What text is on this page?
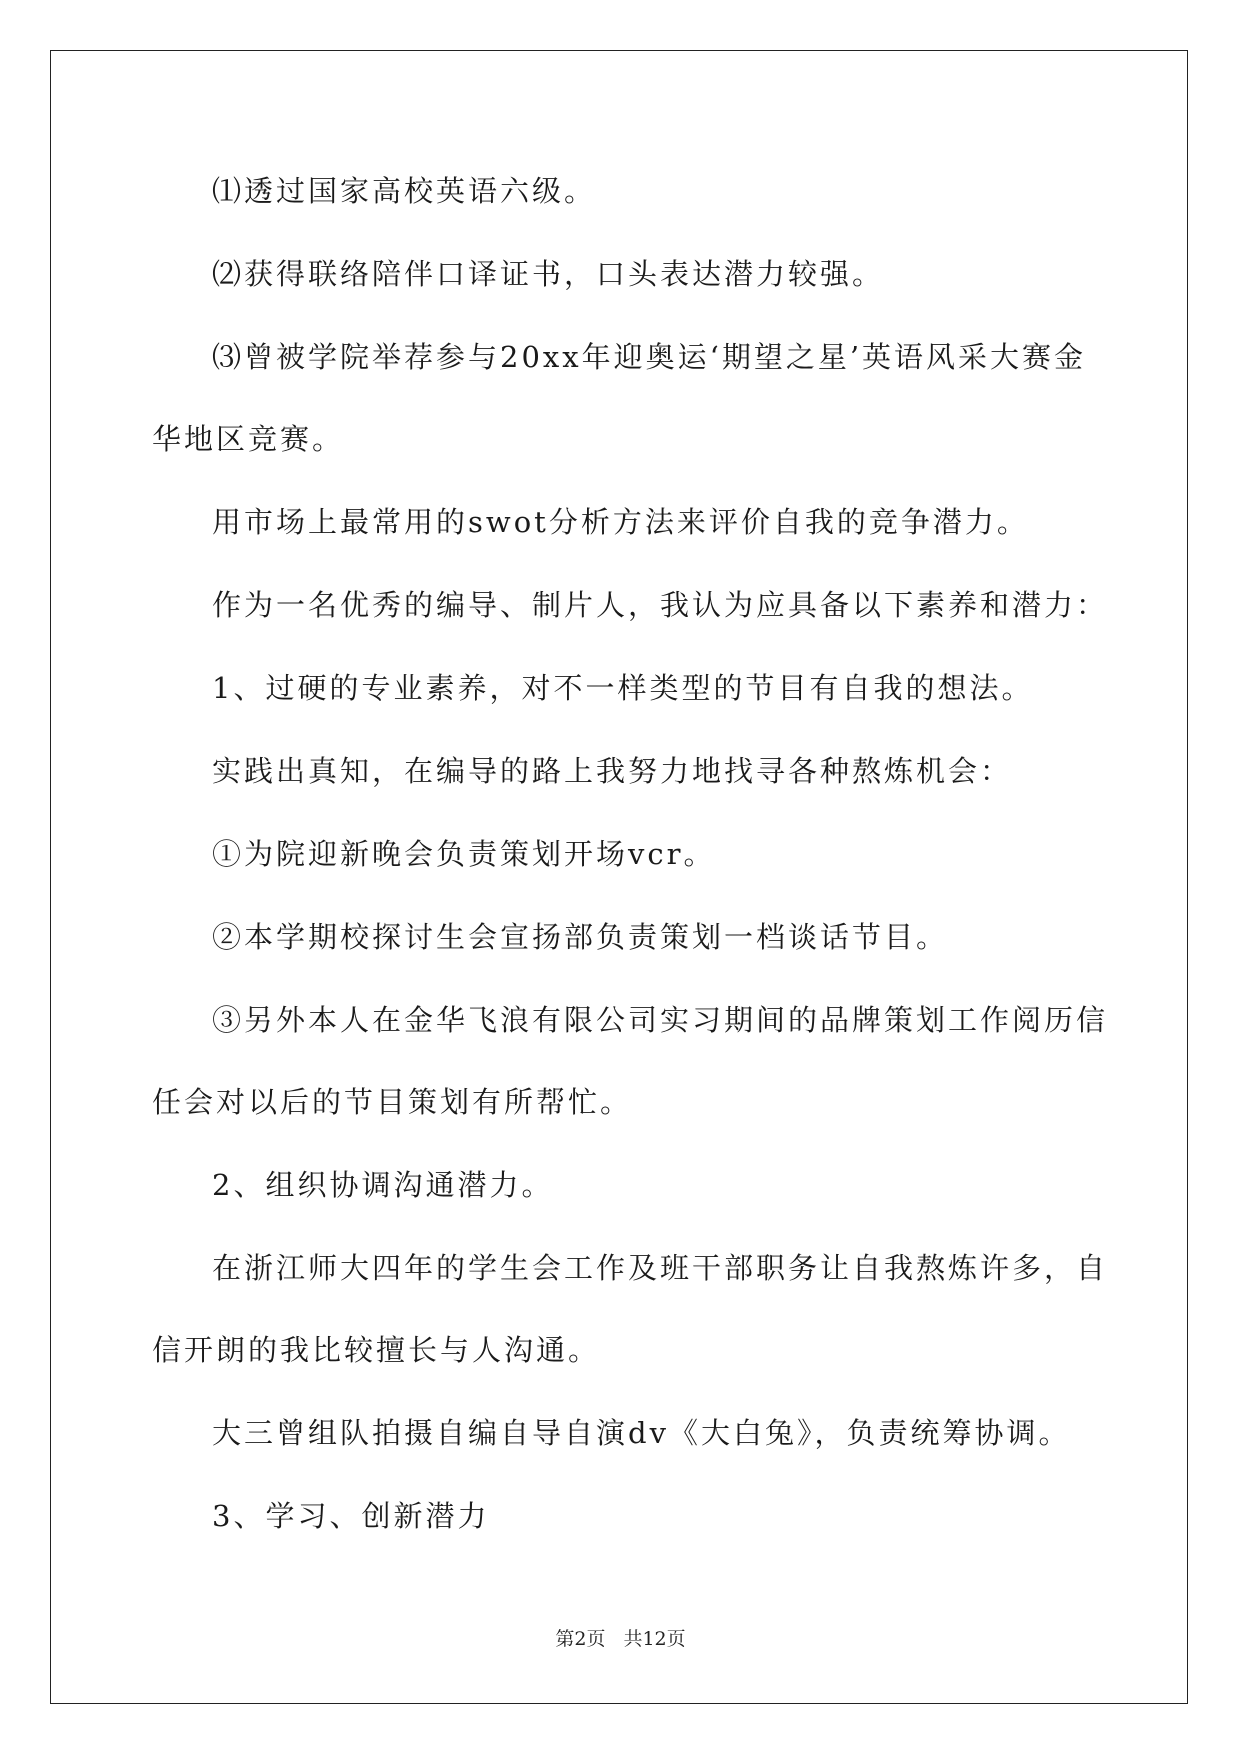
⑴透过国家高校英语六级。

⑵获得联络陪伴口译证书，口头表达潜力较强。

⑶曾被学院举荐参与20xx年迎奥运‘期望之星’英语风采大赛金
华地区竞赛。

用市场上最常用的swot分析方法来评价自我的竞争潜力。

作为一名优秀的编导、制片人，我认为应具备以下素养和潜力：

1、过硬的专业素养，对不一样类型的节目有自我的想法。

实践出真知，在编导的路上我努力地找寻各种熬炼机会：

①为院迎新晚会负责策划开场vcr。

②本学期校探讨生会宣扬部负责策划一档谈话节目。

③另外本人在金华飞浪有限公司实习期间的品牌策划工作阅历信
任会对以后的节目策划有所帮忙。

2、组织协调沟通潜力。

在浙江师大四年的学生会工作及班干部职务让自我熬炼许多，自
信开朗的我比较擅长与人沟通。

大三曾组队拍摄自编自导自演dv《大白兔》，负责统筹协调。

3、学习、创新潜力

第2页 共12页
